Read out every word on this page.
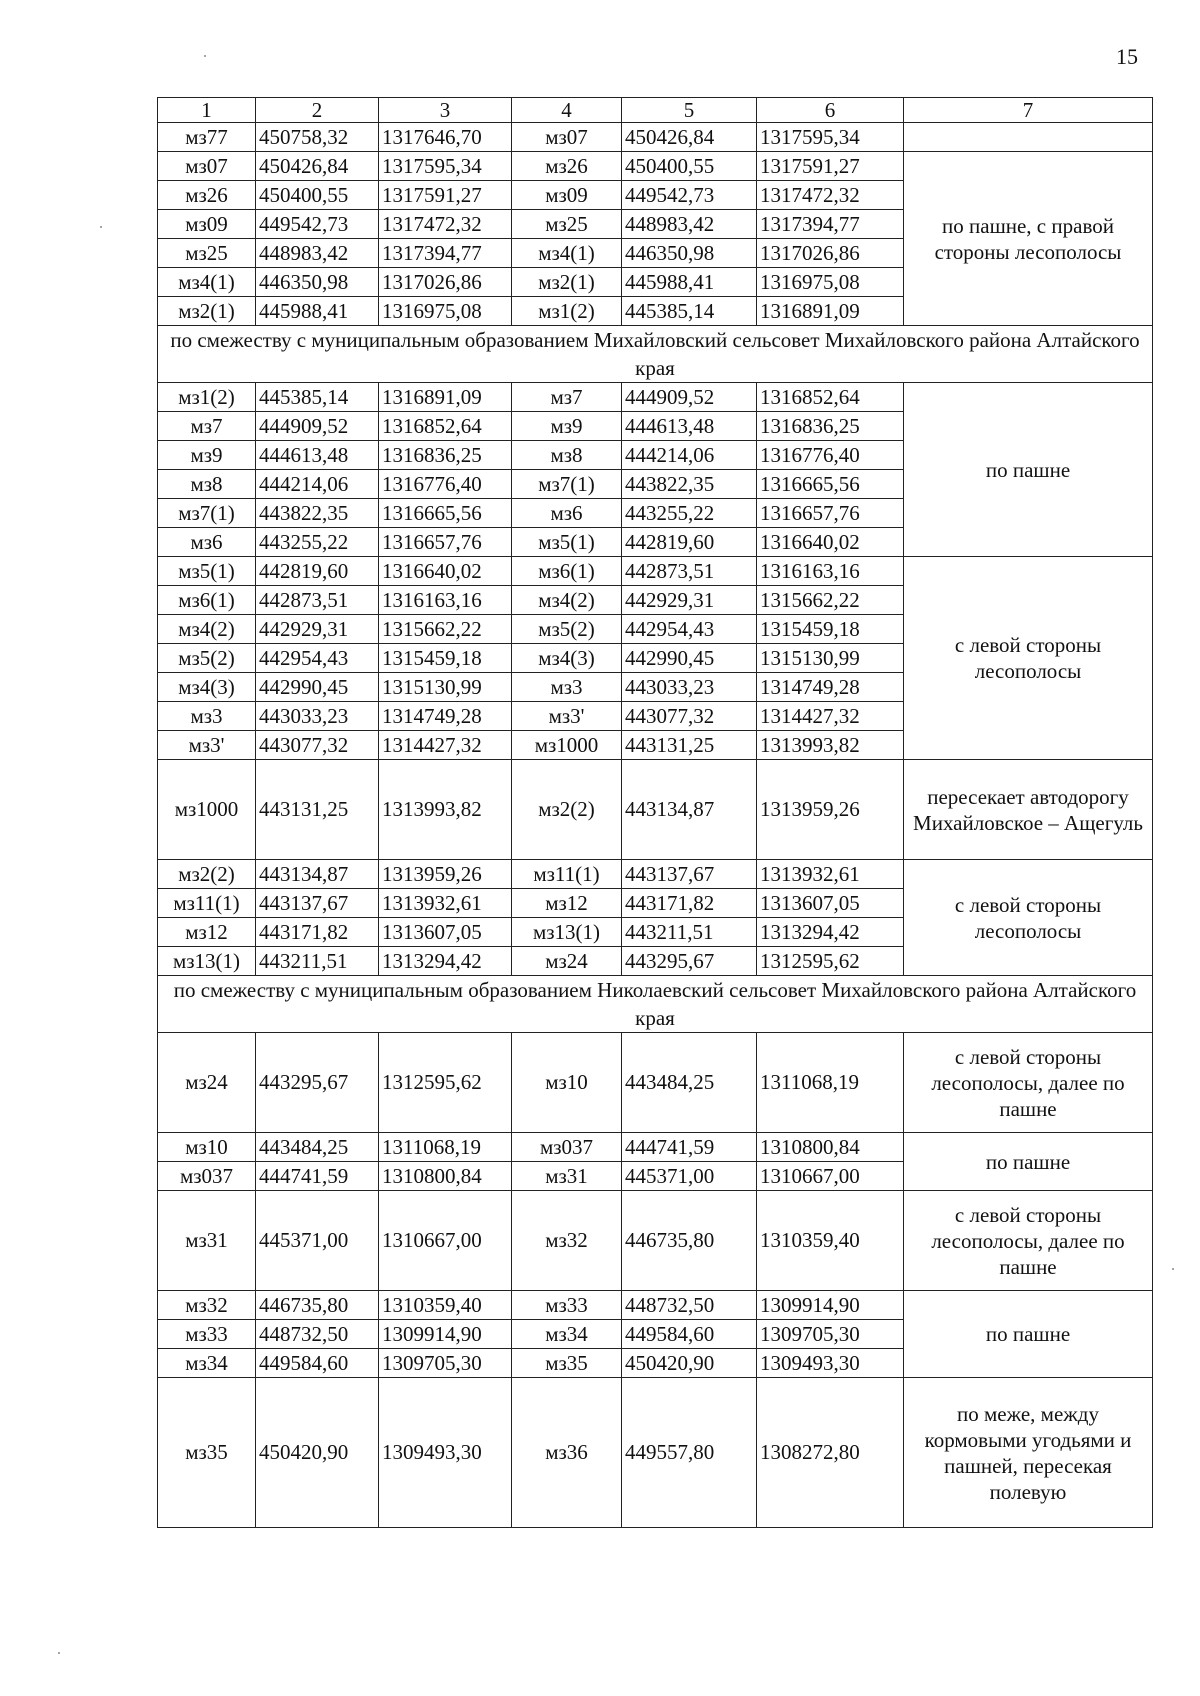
15
1	2	3	4	5	6	7
мз77	450758,32	1317646,70	мз07	450426,84	1317595,34	
мз07	450426,84	1317595,34	мз26	450400,55	1317591,27	по пашне, с правой стороны лесополосы
мз26	450400,55	1317591,27	мз09	449542,73	1317472,32	
мз09	449542,73	1317472,32	мз25	448983,42	1317394,77	
мз25	448983,42	1317394,77	мз4(1)	446350,98	1317026,86	
мз4(1)	446350,98	1317026,86	мз2(1)	445988,41	1316975,08	
мз2(1)	445988,41	1316975,08	мз1(2)	445385,14	1316891,09	
по смежеству с муниципальным образованием Михайловский сельсовет Михайловского района Алтайского края						
мз1(2)	445385,14	1316891,09	мз7	444909,52	1316852,64	по пашне
мз7	444909,52	1316852,64	мз9	444613,48	1316836,25	
мз9	444613,48	1316836,25	мз8	444214,06	1316776,40	
мз8	444214,06	1316776,40	мз7(1)	443822,35	1316665,56	
мз7(1)	443822,35	1316665,56	мз6	443255,22	1316657,76	
мз6	443255,22	1316657,76	мз5(1)	442819,60	1316640,02	
мз5(1)	442819,60	1316640,02	мз6(1)	442873,51	1316163,16	с левой стороны лесополосы
мз6(1)	442873,51	1316163,16	мз4(2)	442929,31	1315662,22	
мз4(2)	442929,31	1315662,22	мз5(2)	442954,43	1315459,18	
мз5(2)	442954,43	1315459,18	мз4(3)	442990,45	1315130,99	
мз4(3)	442990,45	1315130,99	мз3	443033,23	1314749,28	
мз3	443033,23	1314749,28	мз3'	443077,32	1314427,32	
мз3'	443077,32	1314427,32	мз1000	443131,25	1313993,82	
мз1000	443131,25	1313993,82	мз2(2)	443134,87	1313959,26	пересекает автодорогу Михайловское – Ащегуль
мз2(2)	443134,87	1313959,26	мз11(1)	443137,67	1313932,61	с левой стороны лесополосы
мз11(1)	443137,67	1313932,61	мз12	443171,82	1313607,05	
мз12	443171,82	1313607,05	мз13(1)	443211,51	1313294,42	
мз13(1)	443211,51	1313294,42	мз24	443295,67	1312595,62	
по смежеству с муниципальным образованием Николаевский сельсовет Михайловского района Алтайского края						
мз24	443295,67	1312595,62	мз10	443484,25	1311068,19	с левой стороны лесополосы, далее по пашне
мз10	443484,25	1311068,19	мз037	444741,59	1310800,84	по пашне
мз037	444741,59	1310800,84	мз31	445371,00	1310667,00	
мз31	445371,00	1310667,00	мз32	446735,80	1310359,40	с левой стороны лесополосы, далее по пашне
мз32	446735,80	1310359,40	мз33	448732,50	1309914,90	по пашне
мз33	448732,50	1309914,90	мз34	449584,60	1309705,30	
мз34	449584,60	1309705,30	мз35	450420,90	1309493,30	
мз35	450420,90	1309493,30	мз36	449557,80	1308272,80	по меже, между кормовыми угодьями и пашней, пересекая полевую
